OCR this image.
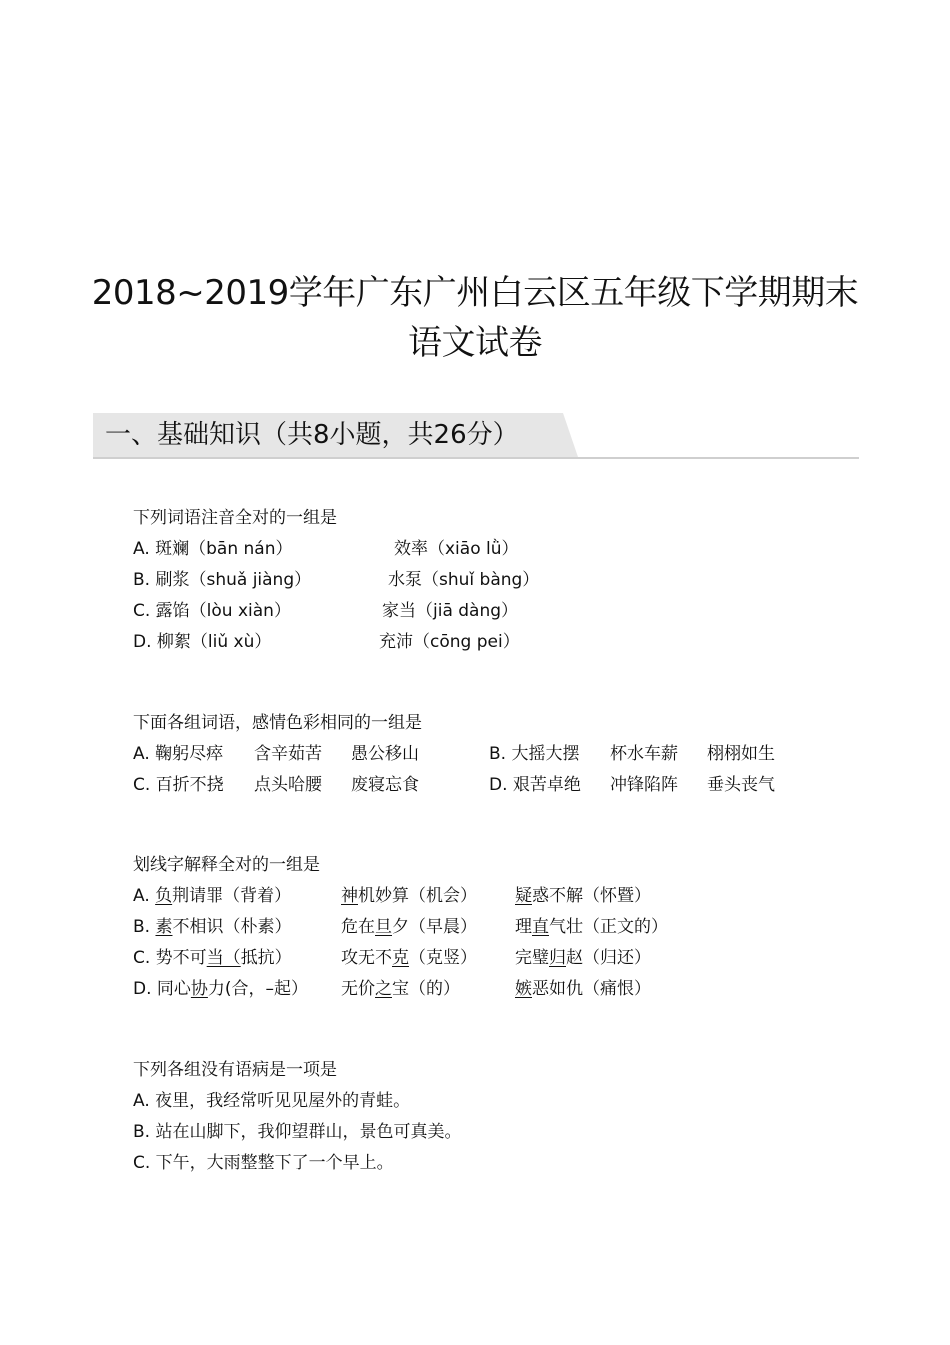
2018~2019学年广东广州白云区五年级下学期期末
语文试卷
一、基础知识（共8小题，共26分）
下列词语注音全对的一组是
A. 斑斓（bān nán）	效率（xiāo lǜ）
B. 刷浆（shuǎ jiàng）	水泵（shuǐ bàng）
C. 露馅（lòu xiàn）	家当（jiā dàng）
D. 柳絮（liǔ xù）	充沛（cōng pei）
下面各组词语，感情色彩相同的一组是
A. 鞠躬尽瘁 含辛茹苦 愚公移山	B. 大摇大摆 杯水车薪 栩栩如生
C. 百折不挠 点头哈腰 废寝忘食	D. 艰苦卓绝 冲锋陷阵 垂头丧气
划线字解释全对的一组是
A. 负荆请罪（背着）	神机妙算（机会） 疑惑不解（怀暨）
B. 素不相识（朴素）	危在旦夕（早晨） 理直气壮（正文的）
C. 势不可当（抵抗）	攻无不克（克竖） 完璧归赵（归还）
D. 同心协力(合，–起） 无价之宝（的）	嫉恶如仇（痛恨）
下列各组没有语病是一项是
A. 夜里，我经常听见见屋外的青蛙。
B. 站在山脚下，我仰望群山，景色可真美。
C. 下午，大雨整整下了一个早上。
